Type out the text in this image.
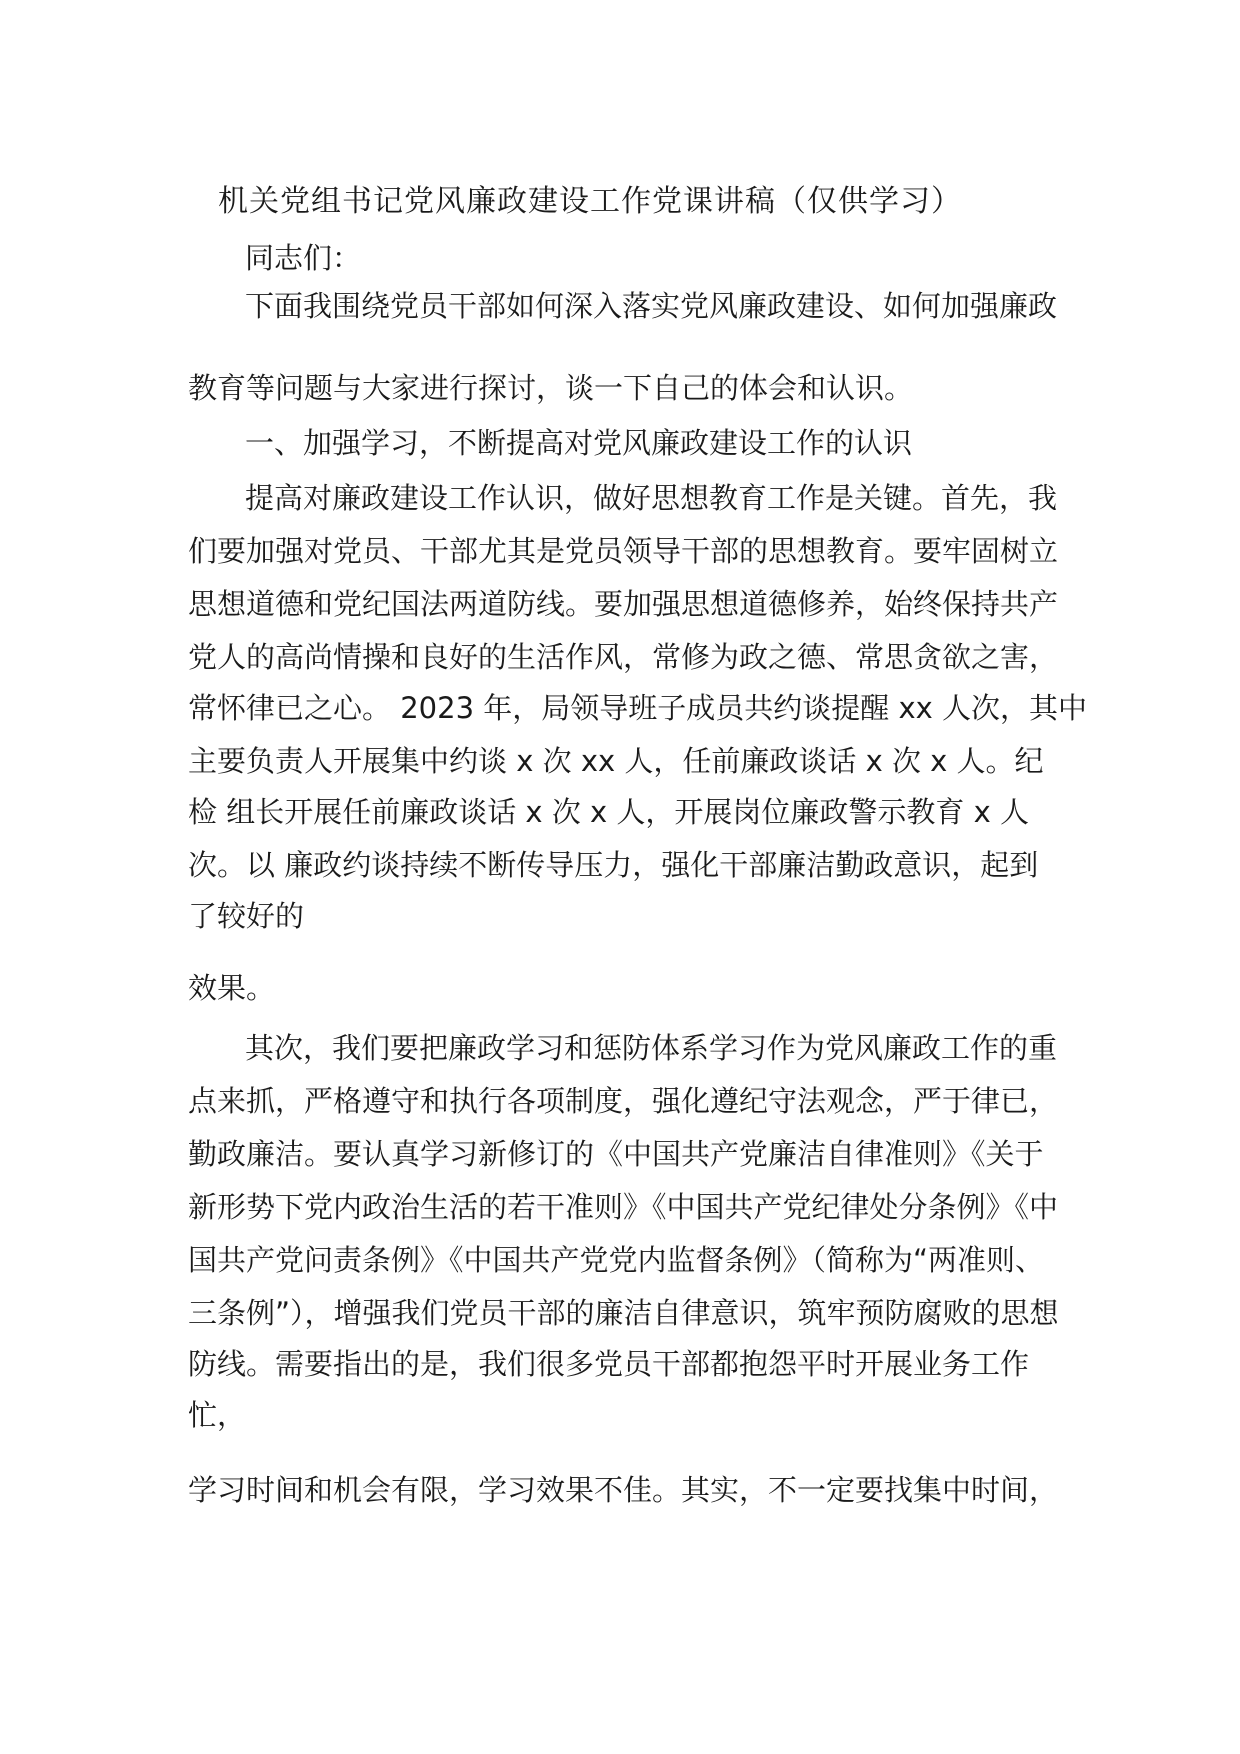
机关党组书记党风廉政建设工作党课讲稿（仅供学习）
同志们：
下面我围绕党员干部如何深入落实党风廉政建设、如何加强廉政
教育等问题与大家进行探讨，谈一下自己的体会和认识。
一、加强学习，不断提高对党风廉政建设工作的认识
提高对廉政建设工作认识，做好思想教育工作是关键。首先，我
们要加强对党员、干部尤其是党员领导干部的思想教育。要牢固树立
思想道德和党纪国法两道防线。要加强思想道德修养，始终保持共产
党人的高尚情操和良好的生活作风，常修为政之德、常思贪欲之害，
常怀律已之心。 2023 年，局领导班子成员共约谈提醒 xx 人次，其中
主要负责人开展集中约谈 x 次 xx 人，任前廉政谈话 x 次 x 人。纪
检 组长开展任前廉政谈话 x 次 x 人，开展岗位廉政警示教育 x 人
次。以 廉政约谈持续不断传导压力，强化干部廉洁勤政意识，起到
了较好的
效果。
其次，我们要把廉政学习和惩防体系学习作为党风廉政工作的重
点来抓，严格遵守和执行各项制度，强化遵纪守法观念，严于律已，
勤政廉洁。要认真学习新修订的《中国共产党廉洁自律准则》《关于
新形势下党内政治生活的若干准则》《中国共产党纪律处分条例》《中
国共产党问责条例》《中国共产党党内监督条例》（简称为“两准则、
三条例”），增强我们党员干部的廉洁自律意识，筑牢预防腐败的思想
防线。需要指出的是，我们很多党员干部都抱怨平时开展业务工作
忙，
学习时间和机会有限，学习效果不佳。其实，不一定要找集中时间，
